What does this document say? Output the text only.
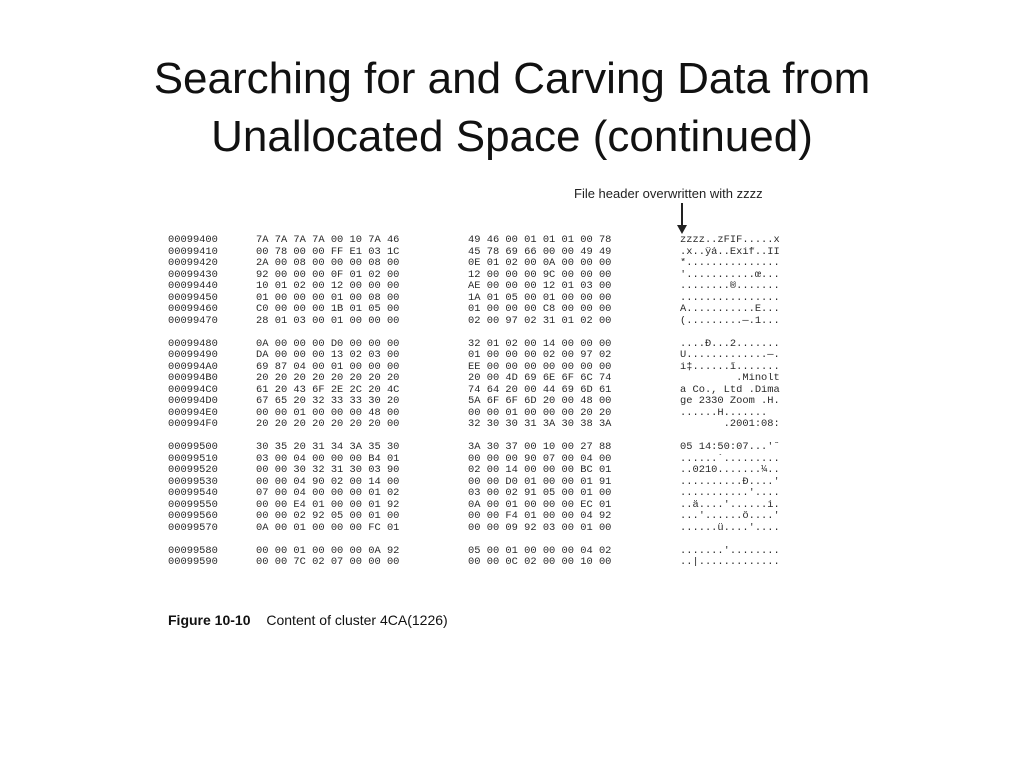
Searching for and Carving Data from
Unallocated Space (continued)
File header overwritten with zzzz
00099400	7A 7A 7A 7A 00 10 7A 46	49 46 00 01 01 01 00 78	zzzz..zFIF.....x
00099410	00 78 00 00 FF E1 03 1C	45 78 69 66 00 00 49 49	.x..ÿá..Exif..II
00099420	2A 00 08 00 00 00 08 00	0E 01 02 00 0A 00 00 00	*...............
00099430	92 00 00 00 0F 01 02 00	12 00 00 00 9C 00 00 00	'...........œ...
00099440	10 01 02 00 12 00 00 00	AE 00 00 00 12 01 03 00	........®.......
00099450	01 00 00 00 01 00 08 00	1A 01 05 00 01 00 00 00	................
00099460	C0 00 00 00 1B 01 05 00	01 00 00 00 C8 00 00 00	À...........È...
00099470	28 01 03 00 01 00 00 00	02 00 97 02 31 01 02 00	(.........—.1...
00099480	0A 00 00 00 D0 00 00 00	32 01 02 00 14 00 00 00	....Ð...2.......
00099490	DA 00 00 00 13 02 03 00	01 00 00 00 02 00 97 02	Ú.............—.
000994A0	69 87 04 00 01 00 00 00	EE 00 00 00 00 00 00 00	i‡......î.......
000994B0	20 20 20 20 20 20 20 20	20 00 4D 69 6E 6F 6C 74	.Minolt
000994C0	61 20 43 6F 2E 2C 20 4C	74 64 20 00 44 69 6D 61	a Co., Ltd .Dima
000994D0	67 65 20 32 33 33 30 20	5A 6F 6F 6D 20 00 48 00	ge 2330 Zoom .H.
000994E0	00 00 01 00 00 00 48 00	00 00 01 00 00 00 20 20	......H.......
000994F0	20 20 20 20 20 20 20 00	32 30 30 31 3A 30 38 3A	.2001:08:
00099500	30 35 20 31 34 3A 35 30	3A 30 37 00 10 00 27 88	05 14:50:07...'ˆ
00099510	03 00 04 00 00 00 B4 01	00 00 00 90 07 00 04 00	......´.........
00099520	00 00 30 32 31 30 03 90	02 00 14 00 00 00 BC 01	..0210.......¼..
00099530	00 00 04 90 02 00 14 00	00 00 D0 01 00 00 01 91	..........Ð....'
00099540	07 00 04 00 00 00 01 02	03 00 02 91 05 00 01 00	...........'....
00099550	00 00 E4 01 00 00 01 92	0A 00 01 00 00 00 EC 01	..ä....'......ì.
00099560	00 00 02 92 05 00 01 00	00 00 F4 01 00 00 04 92	...'......ô....'
00099570	0A 00 01 00 00 00 FC 01	00 00 09 92 03 00 01 00	......ü....'....
00099580	00 00 01 00 00 00 0A 92	05 00 01 00 00 00 04 02	.......'........
00099590	00 00 7C 02 07 00 00 00	00 00 0C 02 00 00 10 00	..|.............
Figure 10-10 Content of cluster 4CA(1226)
